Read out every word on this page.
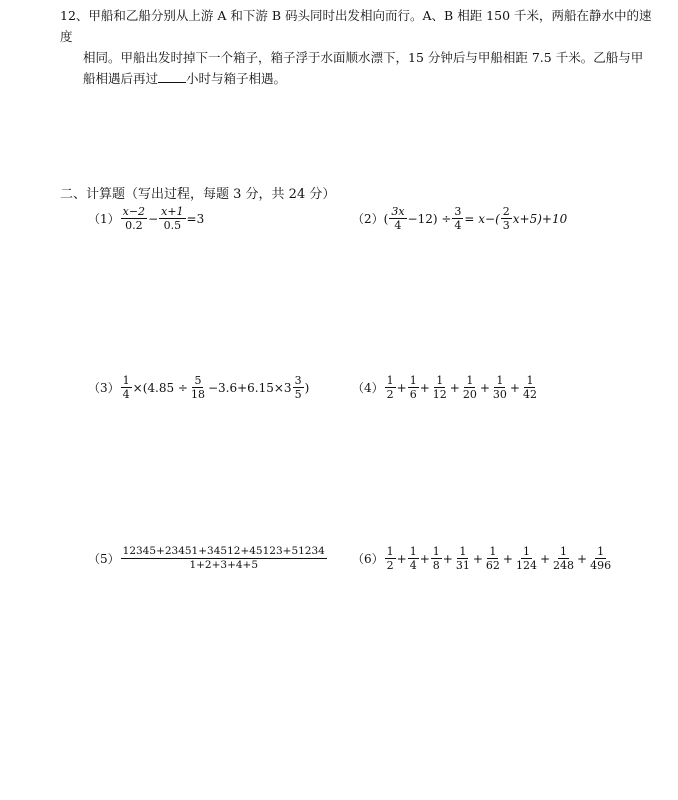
12、甲船和乙船分别从上游 A 和下游 B 码头同时出发相向而行。A、B 相距 150 千米，两船在静水中的速度
相同。甲船出发时掉下一个箱子，箱子浮于水面顺水漂下，15 分钟后与甲船相距 7.5 千米。乙船与甲
船相遇后再过 小时与箱子相遇。
二、计算题（写出过程，每题 3 分，共 24 分）
$(1) \frac{x-2}{0.2} - \frac{x+1}{0.5} =3$	（2） ( $\frac{3x}{4} -12) \div \frac{3}{4} = x-( \frac{2}{3} x+5)+10$
$(3) \frac{1}{4} \times(4.85 \div \frac{5}{18} -3.6+6.15\times 3 \frac{3}{5}$ )	$(4) \frac{1}{2} + \frac{1}{6} + \frac{1}{12} + \frac{1}{20} + \frac{1}{30} + \frac{1}{42}$
$(5) \frac{12345+23451+34512+45123+51234}{1+2+3+4+5} (6) \frac{1}{2} + \frac{1}{4} + \frac{1}{8} + \frac{1}{31} + \frac{1}{62} + \frac{1}{124} + \frac{1}{248} + \frac{1}{496}$
